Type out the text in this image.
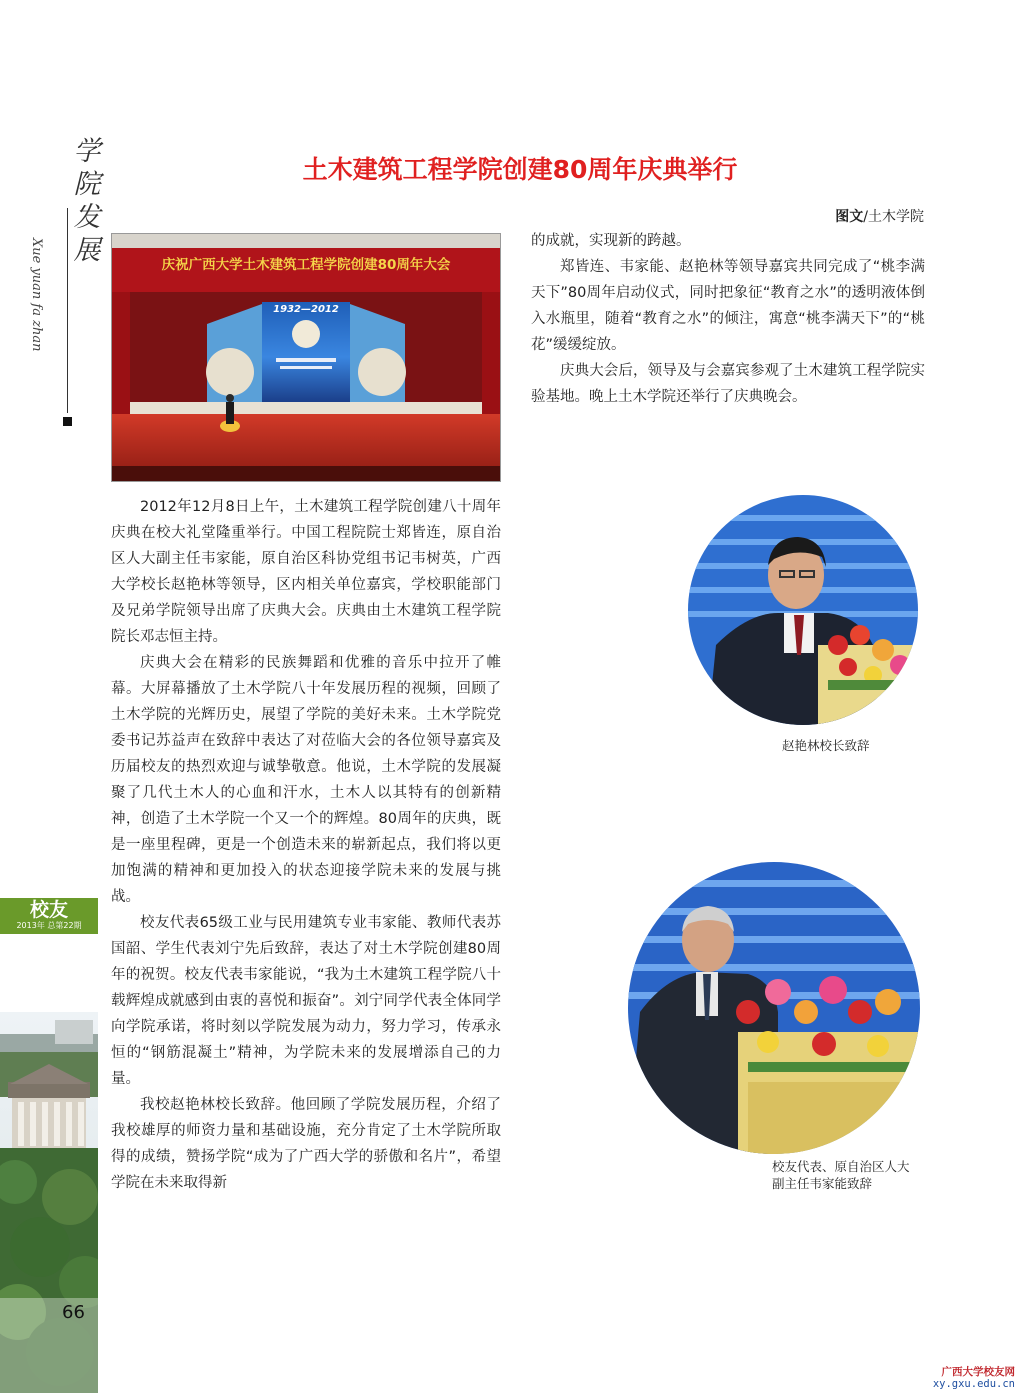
学
院
发
展
Xue yuan fa zhan
校友
2013年 总第22期
66
土木建筑工程学院创建80周年庆典举行
图文/土木学院
庆祝广西大学土木建筑工程学院创建80周年大会
1932—2012

2012年12月8日上午，土木建筑工程学院创建八十周年庆典在校大礼堂隆重举行。中国工程院院士郑皆连，原自治区人大副主任韦家能，原自治区科协党组书记韦树英，广西大学校长赵艳林等领导，区内相关单位嘉宾，学校职能部门及兄弟学院领导出席了庆典大会。庆典由土木建筑工程学院院长邓志恒主持。

庆典大会在精彩的民族舞蹈和优雅的音乐中拉开了帷幕。大屏幕播放了土木学院八十年发展历程的视频，回顾了土木学院的光辉历史，展望了学院的美好未来。土木学院党委书记苏益声在致辞中表达了对莅临大会的各位领导嘉宾及历届校友的热烈欢迎与诚挚敬意。他说，土木学院的发展凝聚了几代土木人的心血和汗水，土木人以其特有的创新精神，创造了土木学院一个又一个的辉煌。80周年的庆典，既是一座里程碑，更是一个创造未来的崭新起点，我们将以更加饱满的精神和更加投入的状态迎接学院未来的发展与挑战。

校友代表65级工业与民用建筑专业韦家能、教师代表苏国韶、学生代表刘宁先后致辞，表达了对土木学院创建80周年的祝贺。校友代表韦家能说，“我为土木建筑工程学院八十载辉煌成就感到由衷的喜悦和振奋”。刘宁同学代表全体同学向学院承诺，将时刻以学院发展为动力，努力学习，传承永恒的“钢筋混凝土”精神，为学院未来的发展增添自己的力量。

我校赵艳林校长致辞。他回顾了学院发展历程，介绍了我校雄厚的师资力量和基础设施，充分肯定了土木学院所取得的成绩，赞扬学院“成为了广西大学的骄傲和名片”，希望学院在未来取得新

的成就，实现新的跨越。

郑皆连、韦家能、赵艳林等领导嘉宾共同完成了“桃李满天下”80周年启动仪式，同时把象征“教育之水”的透明液体倒入水瓶里，随着“教育之水”的倾注，寓意“桃李满天下”的“桃花”缓缓绽放。

庆典大会后，领导及与会嘉宾参观了土木建筑工程学院实验基地。晚上土木学院还举行了庆典晚会。

赵艳林校长致辞
校友代表、原自治区人大
副主任韦家能致辞
广西大学校友网
xy.gxu.edu.cn
